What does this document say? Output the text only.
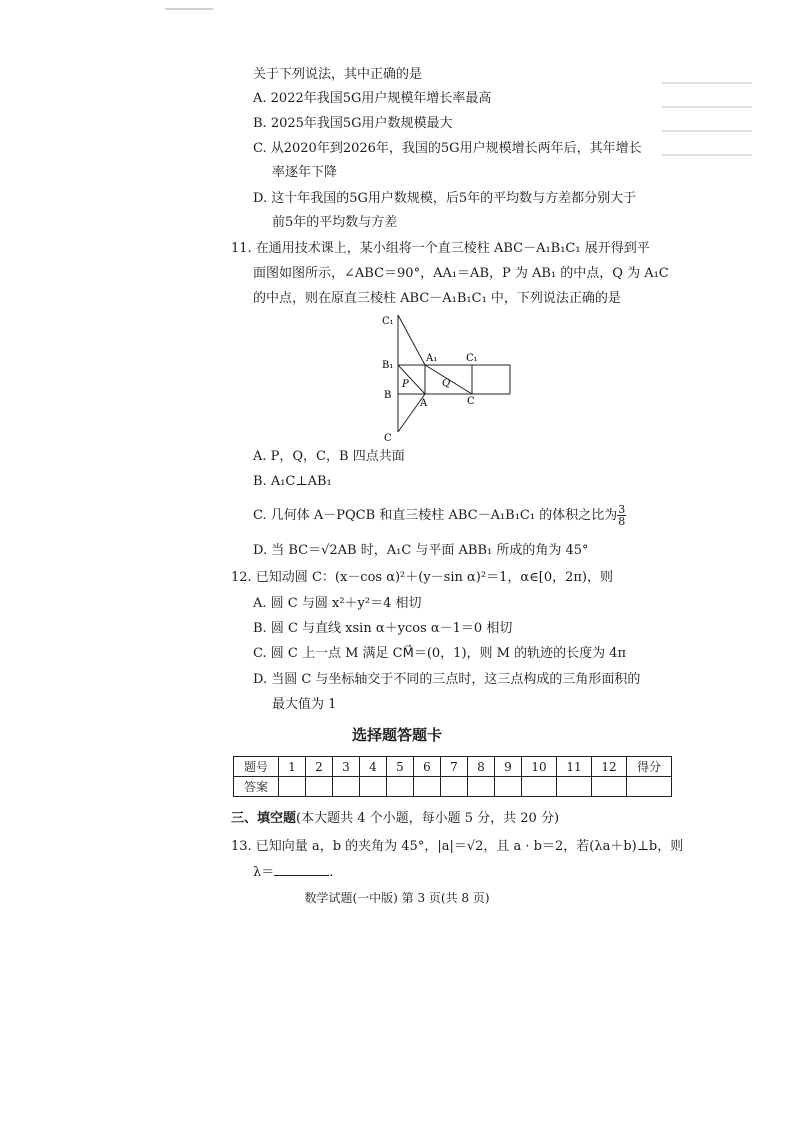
关于下列说法，其中正确的是
A. 2022年我国5G用户规模年增长率最高
B. 2025年我国5G用户数规模最大
C. 从2020年到2026年，我国的5G用户规模增长两年后，其年增长
率逐年下降
D. 这十年我国的5G用户数规模，后5年的平均数与方差都分别大于
前5年的平均数与方差
11. 在通用技术课上，某小组将一个直三棱柱 ABC－A₁B₁C₁ 展开得到平
面图如图所示，∠ABC＝90°，AA₁＝AB，P 为 AB₁ 的中点，Q 为 A₁C
的中点，则在原直三棱柱 ABC－A₁B₁C₁ 中，下列说法正确的是
C₁
B₁
B
C
A₁	C₁
P	Q
A	C
A. P，Q，C，B 四点共面
B. A₁C⊥AB₁
C. 几何体 A－PQCB 和直三棱柱 ABC－A₁B₁C₁ 的体积之比为 $\frac{3}{8}$
D. 当 BC＝√2AB 时，A₁C 与平面 ABB₁ 所成的角为 45°
12. 已知动圆 C：(x－cos α)²＋(y－sin α)²＝1，α∈[0，2π)，则
A. 圆 C 与圆 x²＋y²＝4 相切
B. 圆 C 与直线 xsin α＋ycos α－1＝0 相切
C. 圆 C 上一点 M 满足 CM⃗＝(0，1)，则 M 的轨迹的长度为 4π
D. 当圆 C 与坐标轴交于不同的三点时，这三点构成的三角形面积的
最大值为 1
选择题答题卡
题号	1	2	3	4	5	6	7	8	9	10	11	12	得分
答案													
三、填空题(本大题共 4 个小题，每小题 5 分，共 20 分)
13. 已知向量 a，b 的夹角为 45°，|a|＝√2，且 a · b＝2，若(λa＋b)⊥b，则
λ＝	.
数学试题(一中版) 第 3 页(共 8 页)
